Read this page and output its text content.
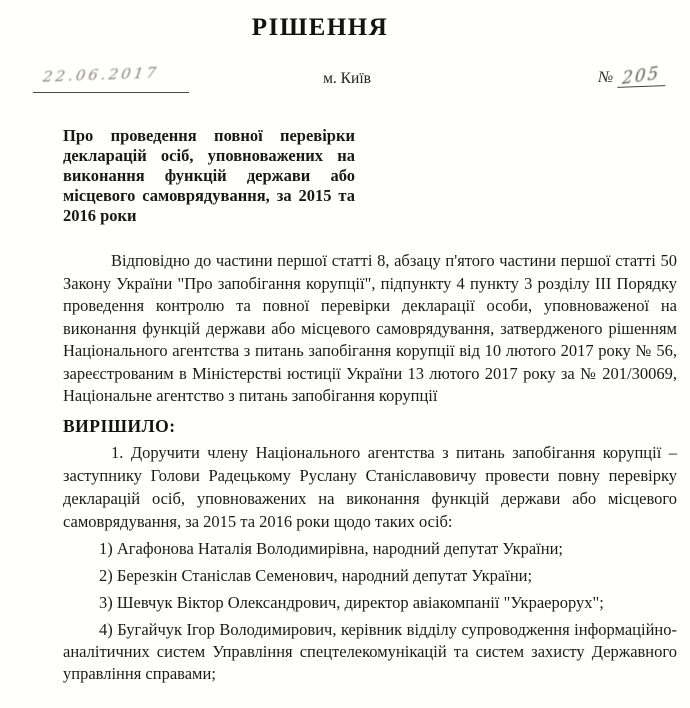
РІШЕННЯ
22.06.2017	м. Київ	№ 205
Про проведення повної перевірки декларацій осіб, уповноважених на виконання функцій держави або місцевого самоврядування, за 2015 та 2016 роки

Відповідно до частини першої статті 8, абзацу п'ятого частини першої статті 50 Закону України "Про запобігання корупції", підпункту 4 пункту 3 розділу III Порядку проведення контролю та повної перевірки декларації особи, уповноваженої на виконання функцій держави або місцевого самоврядування, затвердженого рішенням Національного агентства з питань запобігання корупції від 10 лютого 2017 року № 56, зареєстрованим в Міністерстві юстиції України 13 лютого 2017 року за № 201/30069, Національне агентство з питань запобігання корупції

ВИРІШИЛО:

1. Доручити члену Національного агентства з питань запобігання корупції – заступнику Голови Радецькому Руслану Станіславовичу провести повну перевірку декларацій осіб, уповноважених на виконання функцій держави або місцевого самоврядування, за 2015 та 2016 роки щодо таких осіб:

1) Агафонова Наталія Володимирівна, народний депутат України;

2) Березкін Станіслав Семенович, народний депутат України;

3) Шевчук Віктор Олександрович, директор авіакомпанії "Украерорух";

4) Бугайчук Ігор Володимирович, керівник відділу супроводження інформаційно-аналітичних систем Управління спецтелекомунікацій та систем захисту Державного управління справами;
